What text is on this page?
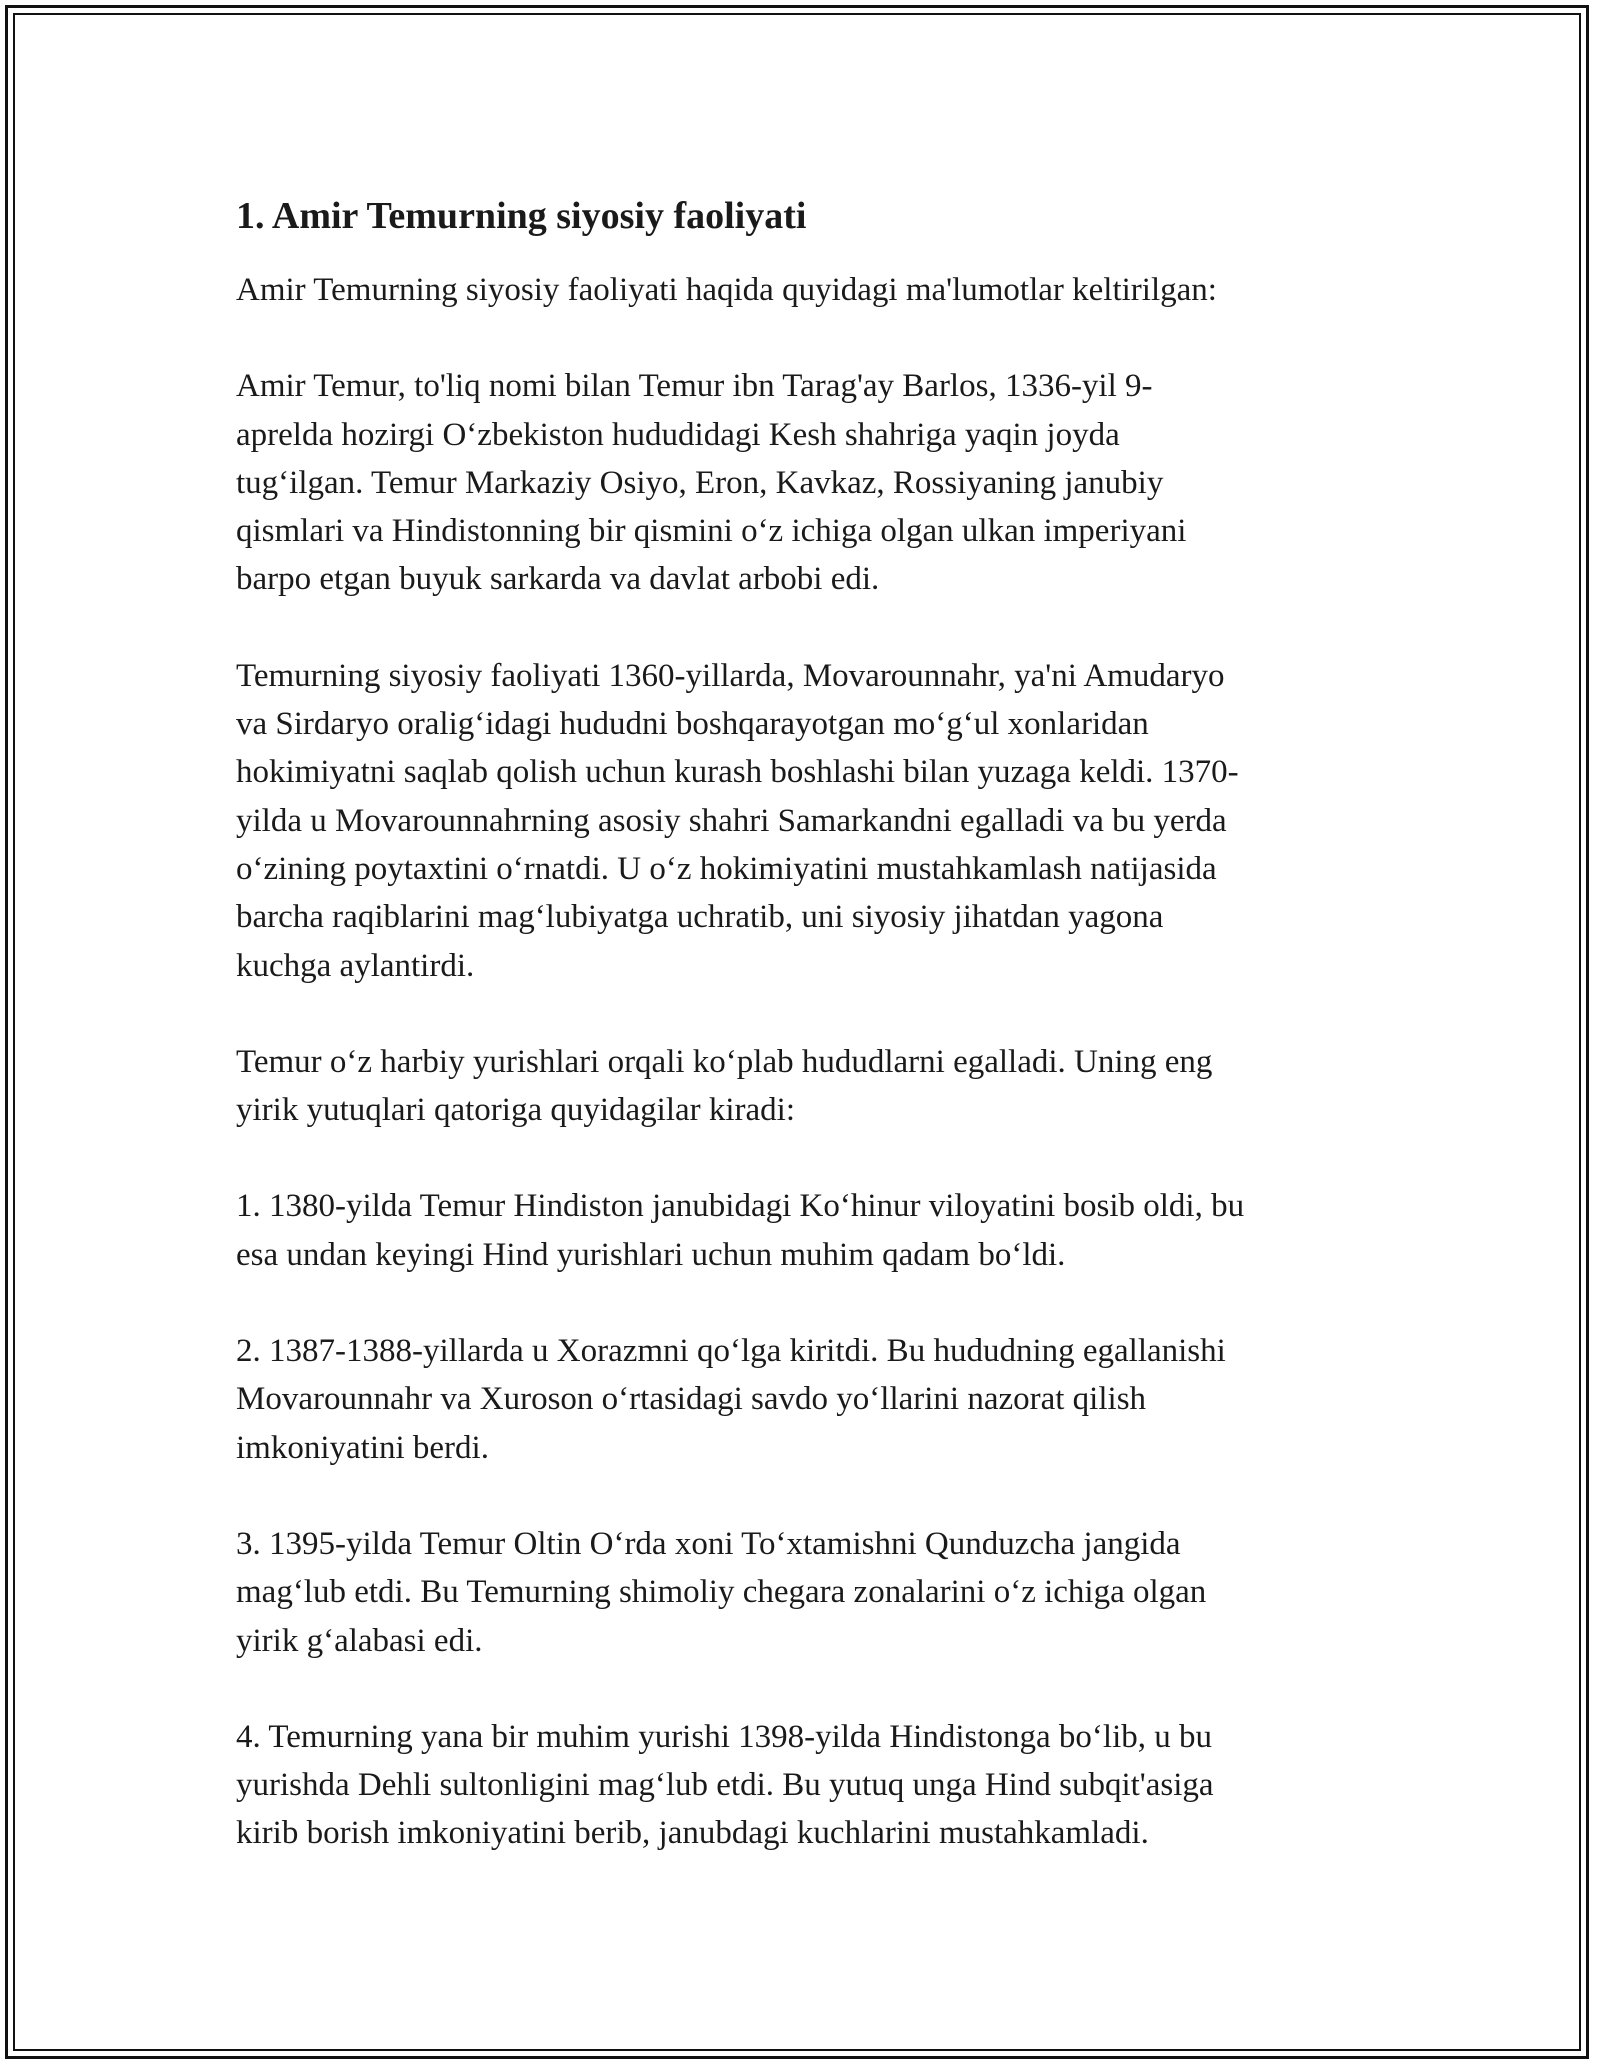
1. Amir Temurning siyosiy faoliyati

Amir Temurning siyosiy faoliyati haqida quyidagi ma'lumotlar keltirilgan:

Amir Temur, to'liq nomi bilan Temur ibn Tarag'ay Barlos, 1336-yil 9-
aprelda hozirgi Oʻzbekiston hududidagi Kesh shahriga yaqin joyda
tugʻilgan. Temur Markaziy Osiyo, Eron, Kavkaz, Rossiyaning janubiy
qismlari va Hindistonning bir qismini oʻz ichiga olgan ulkan imperiyani
barpo etgan buyuk sarkarda va davlat arbobi edi.

Temurning siyosiy faoliyati 1360-yillarda, Movarounnahr, ya'ni Amudaryo
va Sirdaryo oraligʻidagi hududni boshqarayotgan moʻgʻul xonlaridan
hokimiyatni saqlab qolish uchun kurash boshlashi bilan yuzaga keldi. 1370-
yilda u Movarounnahrning asosiy shahri Samarkandni egalladi va bu yerda
oʻzining poytaxtini oʻrnatdi. U oʻz hokimiyatini mustahkamlash natijasida
barcha raqiblarini magʻlubiyatga uchratib, uni siyosiy jihatdan yagona
kuchga aylantirdi.

Temur oʻz harbiy yurishlari orqali koʻplab hududlarni egalladi. Uning eng
yirik yutuqlari qatoriga quyidagilar kiradi:

1. 1380-yilda Temur Hindiston janubidagi Koʻhinur viloyatini bosib oldi, bu
esa undan keyingi Hind yurishlari uchun muhim qadam boʻldi.

2. 1387-1388-yillarda u Xorazmni qoʻlga kiritdi. Bu hududning egallanishi
Movarounnahr va Xuroson oʻrtasidagi savdo yoʻllarini nazorat qilish
imkoniyatini berdi.

3. 1395-yilda Temur Oltin Oʻrda xoni Toʻxtamishni Qunduzcha jangida
magʻlub etdi. Bu Temurning shimoliy chegara zonalarini oʻz ichiga olgan
yirik gʻalabasi edi.

4. Temurning yana bir muhim yurishi 1398-yilda Hindistonga boʻlib, u bu
yurishda Dehli sultonligini magʻlub etdi. Bu yutuq unga Hind subqit'asiga
kirib borish imkoniyatini berib, janubdagi kuchlarini mustahkamladi.
